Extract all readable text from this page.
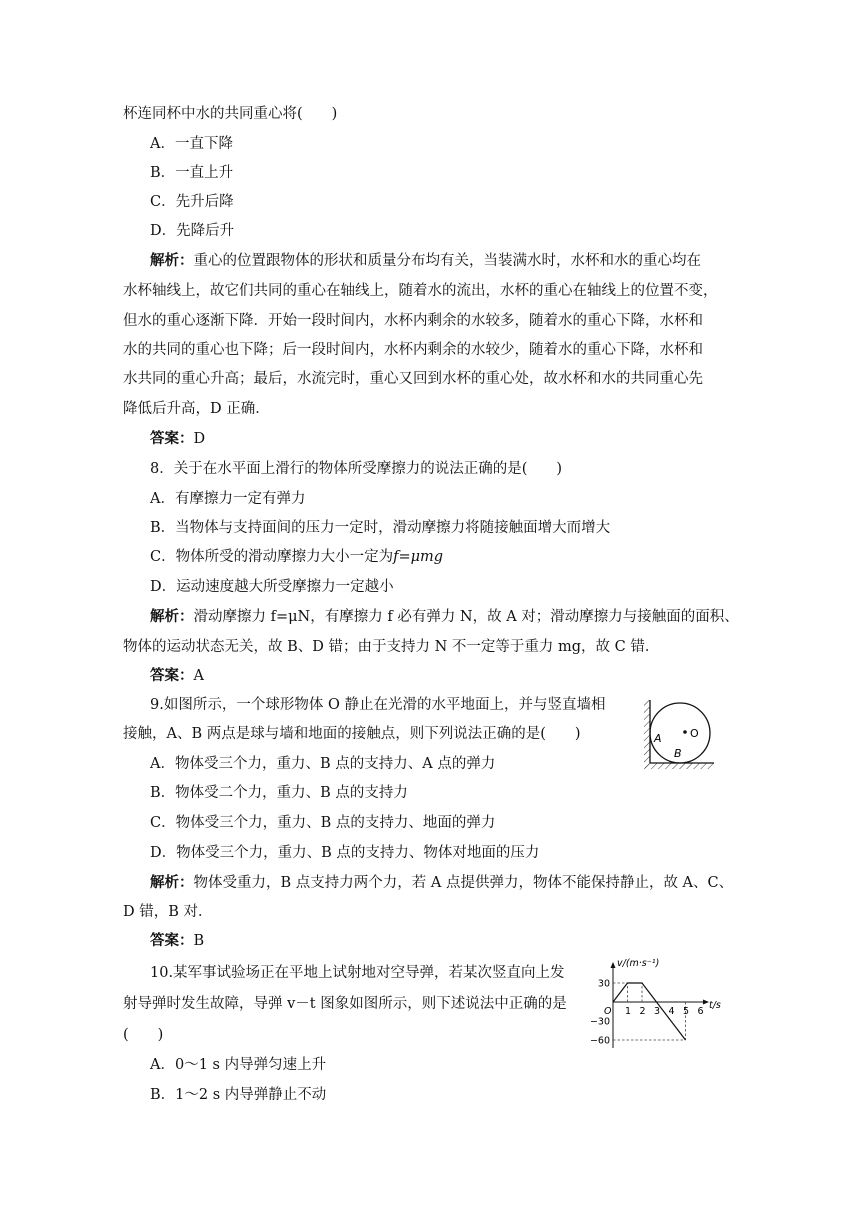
杯连同杯中水的共同重心将(　　)
A．一直下降
B．一直上升
C．先升后降
D．先降后升
解析：重心的位置跟物体的形状和质量分布均有关，当装满水时，水杯和水的重心均在
水杯轴线上，故它们共同的重心在轴线上，随着水的流出，水杯的重心在轴线上的位置不变，
但水的重心逐渐下降．开始一段时间内，水杯内剩余的水较多，随着水的重心下降，水杯和
水的共同的重心也下降；后一段时间内，水杯内剩余的水较少，随着水的重心下降，水杯和
水共同的重心升高；最后，水流完时，重心又回到水杯的重心处，故水杯和水的共同重心先
降低后升高，D 正确．
答案：D
8．关于在水平面上滑行的物体所受摩擦力的说法正确的是(　　)
A．有摩擦力一定有弹力
B．当物体与支持面间的压力一定时，滑动摩擦力将随接触面增大而增大
C．物体所受的滑动摩擦力大小一定为f=μmg
D．运动速度越大所受摩擦力一定越小
解析：滑动摩擦力 f=μN，有摩擦力 f 必有弹力 N，故 A 对；滑动摩擦力与接触面的面积、
物体的运动状态无关，故 B、D 错；由于支持力 N 不一定等于重力 mg，故 C 错．
答案：A
9.如图所示，一个球形物体 O 静止在光滑的水平地面上，并与竖直墙相
接触，A、B 两点是球与墙和地面的接触点，则下列说法正确的是(　　)
A．物体受三个力，重力、B 点的支持力、A 点的弹力
B．物体受二个力，重力、B 点的支持力
C．物体受三个力，重力、B 点的支持力、地面的弹力
D．物体受三个力，重力、B 点的支持力、物体对地面的压力
解析：物体受重力，B 点支持力两个力，若 A 点提供弹力，物体不能保持静止，故 A、C、
D 错，B 对．
答案：B
A	O
B
10.某军事试验场正在平地上试射地对空导弹，若某次竖直向上发
射导弹时发生故障，导弹 v－t 图象如图所示，则下述说法中正确的是
(　　)
A．0～1 s 内导弹匀速上升
B．1～2 s 内导弹静止不动
v/(m·s⁻¹)
t/s
O 1 2 3 4 5 6
30
−30
−60
